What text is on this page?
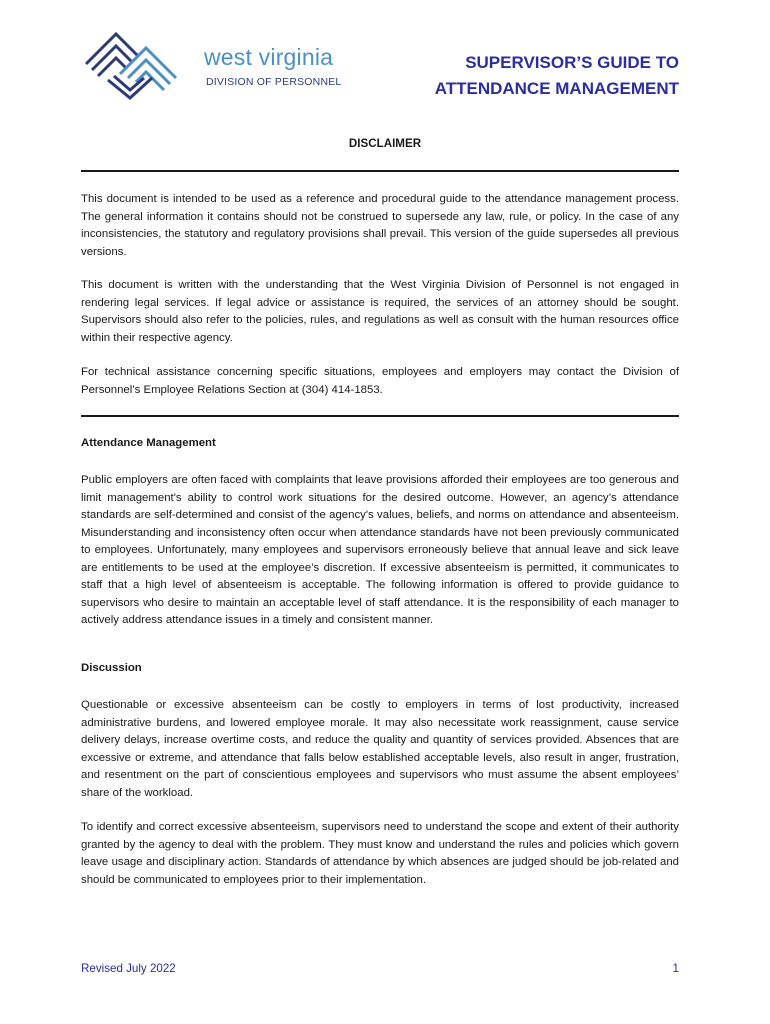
west virginia
DIVISION OF PERSONNEL
SUPERVISOR’S GUIDE TO
ATTENDANCE MANAGEMENT

DISCLAIMER

This document is intended to be used as a reference and procedural guide to the attendance management process. The general information it contains should not be construed to supersede any law, rule, or policy. In the case of any inconsistencies, the statutory and regulatory provisions shall prevail. This version of the guide supersedes all previous versions.

This document is written with the understanding that the West Virginia Division of Personnel is not engaged in rendering legal services. If legal advice or assistance is required, the services of an attorney should be sought. Supervisors should also refer to the policies, rules, and regulations as well as consult with the human resources office within their respective agency.

For technical assistance concerning specific situations, employees and employers may contact the Division of Personnel’s Employee Relations Section at (304) 414-1853.

Attendance Management

Public employers are often faced with complaints that leave provisions afforded their employees are too generous and limit management's ability to control work situations for the desired outcome. However, an agency’s attendance standards are self-determined and consist of the agency's values, beliefs, and norms on attendance and absenteeism. Misunderstanding and inconsistency often occur when attendance standards have not been previously communicated to employees. Unfortunately, many employees and supervisors erroneously believe that annual leave and sick leave are entitlements to be used at the employee’s discretion. If excessive absenteeism is permitted, it communicates to staff that a high level of absenteeism is acceptable. The following information is offered to provide guidance to supervisors who desire to maintain an acceptable level of staff attendance. It is the responsibility of each manager to actively address attendance issues in a timely and consistent manner.

Discussion

Questionable or excessive absenteeism can be costly to employers in terms of lost productivity, increased administrative burdens, and lowered employee morale. It may also necessitate work reassignment, cause service delivery delays, increase overtime costs, and reduce the quality and quantity of services provided. Absences that are excessive or extreme, and attendance that falls below established acceptable levels, also result in anger, frustration, and resentment on the part of conscientious employees and supervisors who must assume the absent employees’ share of the workload.

To identify and correct excessive absenteeism, supervisors need to understand the scope and extent of their authority granted by the agency to deal with the problem. They must know and understand the rules and policies which govern leave usage and disciplinary action. Standards of attendance by which absences are judged should be job-related and should be communicated to employees prior to their implementation.

Revised July 2022	1
